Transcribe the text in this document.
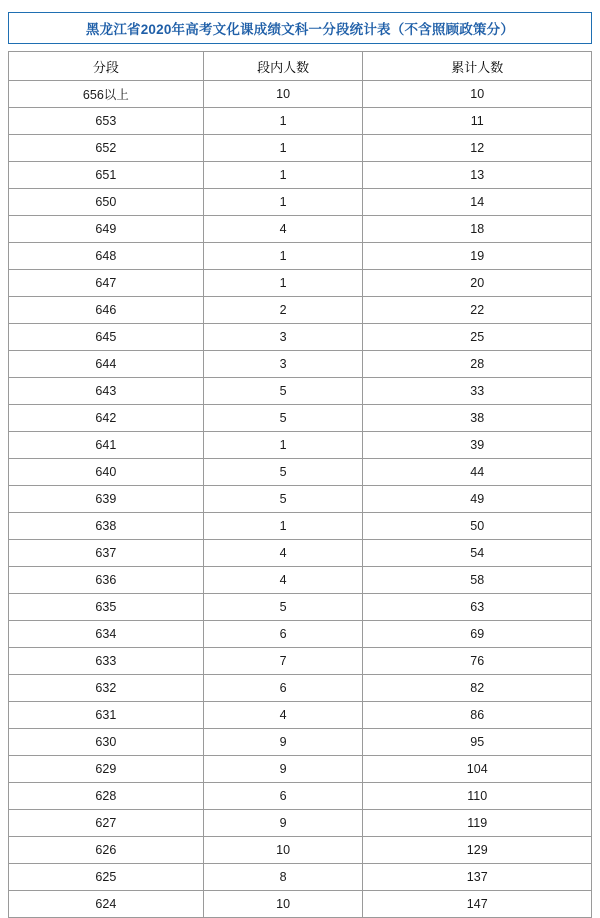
黑龙江省2020年高考文化课成绩文科一分段统计表（不含照顾政策分）
分段	段内人数	累计人数
656以上	10	10
653	1	11
652	1	12
651	1	13
650	1	14
649	4	18
648	1	19
647	1	20
646	2	22
645	3	25
644	3	28
643	5	33
642	5	38
641	1	39
640	5	44
639	5	49
638	1	50
637	4	54
636	4	58
635	5	63
634	6	69
633	7	76
632	6	82
631	4	86
630	9	95
629	9	104
628	6	110
627	9	119
626	10	129
625	8	137
624	10	147
